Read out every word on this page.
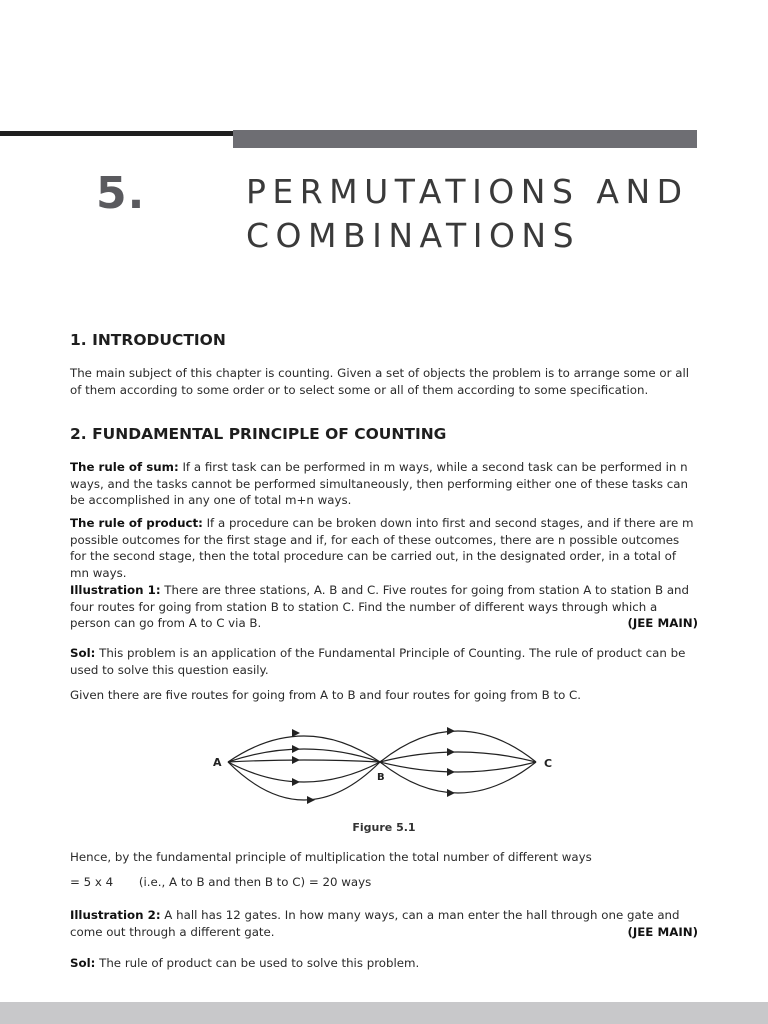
5.	PERMUTATIONS AND
COMBINATIONS
1. INTRODUCTION
The main subject of this chapter is counting. Given a set of objects the problem is to arrange some or all of them according to some order or to select some or all of them according to some specification.
2. FUNDAMENTAL PRINCIPLE OF COUNTING
The rule of sum: If a first task can be performed in m ways, while a second task can be performed in n ways, and the tasks cannot be performed simultaneously, then performing either one of these tasks can be accomplished in any one of total m+n ways.
The rule of product: If a procedure can be broken down into first and second stages, and if there are m possible outcomes for the first stage and if, for each of these outcomes, there are n possible outcomes for the second stage, then the total procedure can be carried out, in the designated order, in a total of mn ways.
Illustration 1: There are three stations, A. B and C. Five routes for going from station A to station B and four routes for going from station B to station C. Find the number of different ways through which a person can go from A to C via B.	(JEE MAIN)
Sol: This problem is an application of the Fundamental Principle of Counting. The rule of product can be used to solve this question easily.
Given there are five routes for going from A to B and four routes for going from B to C.
A
B
C
Figure 5.1
Hence, by the fundamental principle of multiplication the total number of different ways
= 5 x 4 (i.e., A to B and then B to C) = 20 ways
Illustration 2: A hall has 12 gates. In how many ways, can a man enter the hall through one gate and come out through a different gate.	(JEE MAIN)
Sol: The rule of product can be used to solve this problem.
